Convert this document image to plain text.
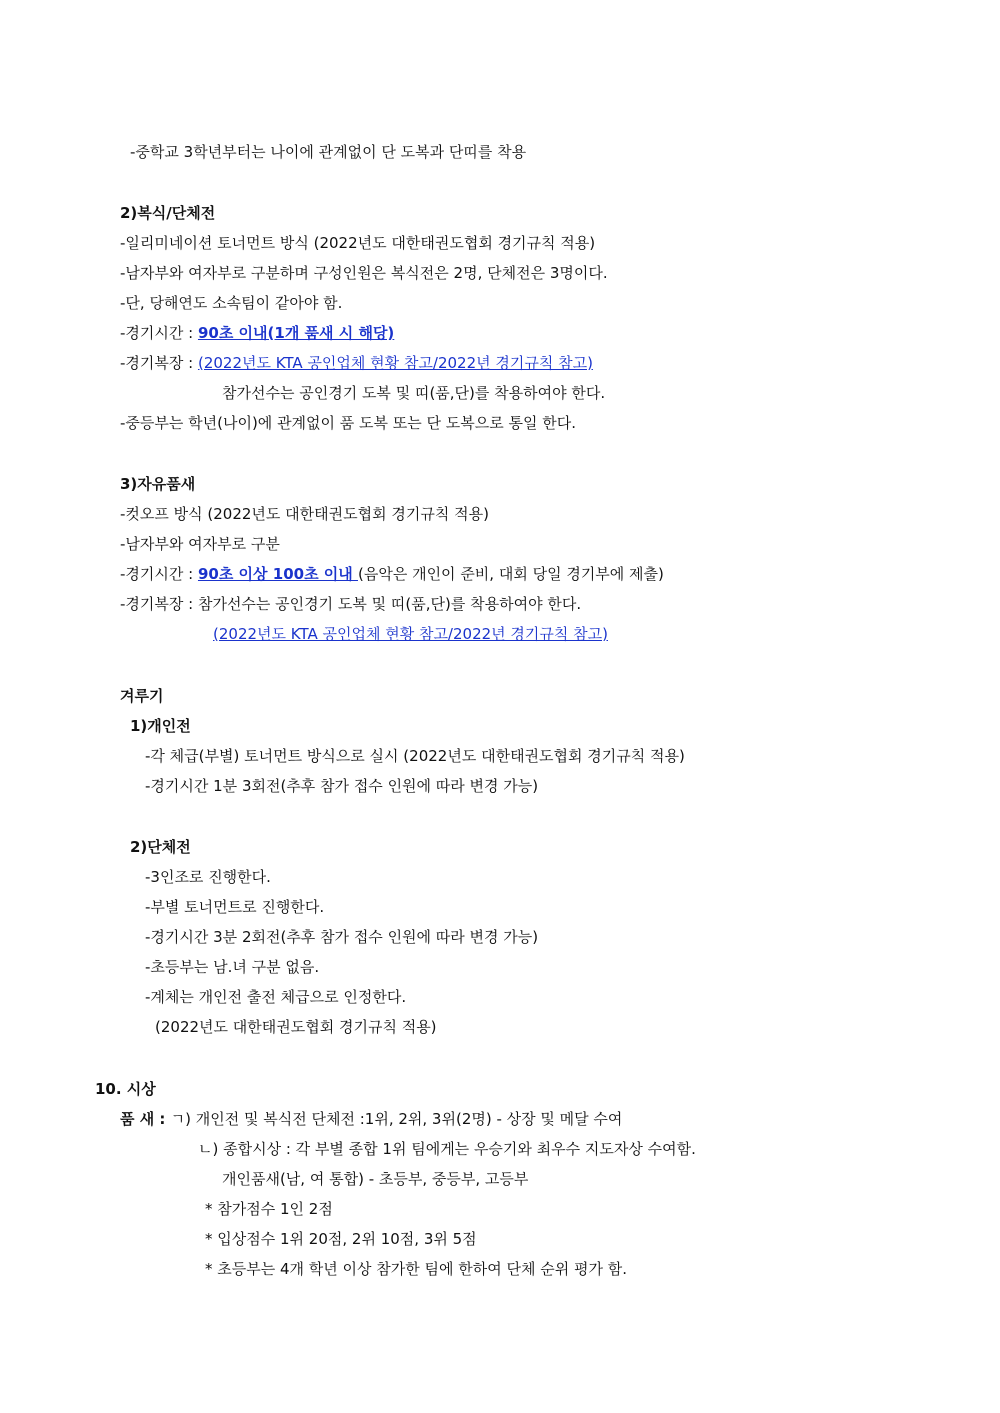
-중학교 3학년부터는 나이에 관계없이 단 도복과 단띠를 착용
2)복식/단체전
-일리미네이션 토너먼트 방식 (2022년도 대한태권도협회 경기규칙 적용)
-남자부와 여자부로 구분하며 구성인원은 복식전은 2명, 단체전은 3명이다.
-단, 당해연도 소속팀이 같아야 함.
-경기시간 : 90초 이내(1개 품새 시 해당)
-경기복장 : (2022년도 KTA 공인업체 현황 참고/2022년 경기규칙 참고)
참가선수는 공인경기 도복 및 띠(품,단)를 착용하여야 한다.
-중등부는 학년(나이)에 관계없이 품 도복 또는 단 도복으로 통일 한다.
3)자유품새
-컷오프 방식 (2022년도 대한태권도협회 경기규칙 적용)
-남자부와 여자부로 구분
-경기시간 : 90초 이상 100초 이내 (음악은 개인이 준비, 대회 당일 경기부에 제출)
-경기복장 : 참가선수는 공인경기 도복 및 띠(품,단)를 착용하여야 한다.
(2022년도 KTA 공인업체 현황 참고/2022년 경기규칙 참고)
겨루기
1)개인전
-각 체급(부별) 토너먼트 방식으로 실시 (2022년도 대한태권도협회 경기규칙 적용)
-경기시간 1분 3회전(추후 참가 접수 인원에 따라 변경 가능)
2)단체전
-3인조로 진행한다.
-부별 토너먼트로 진행한다.
-경기시간 3분 2회전(추후 참가 접수 인원에 따라 변경 가능)
-초등부는 남.녀 구분 없음.
-계체는 개인전 출전 체급으로 인정한다.
(2022년도 대한태권도협회 경기규칙 적용)
10. 시상
품 새 : ㄱ) 개인전 및 복식전 단체전 :1위, 2위, 3위(2명) - 상장 및 메달 수여
ㄴ) 종합시상 : 각 부별 종합 1위 팀에게는 우승기와 최우수 지도자상 수여함.
개인품새(남, 여 통합) - 초등부, 중등부, 고등부
* 참가점수 1인 2점
* 입상점수 1위 20점, 2위 10점, 3위 5점
* 초등부는 4개 학년 이상 참가한 팀에 한하여 단체 순위 평가 함.
